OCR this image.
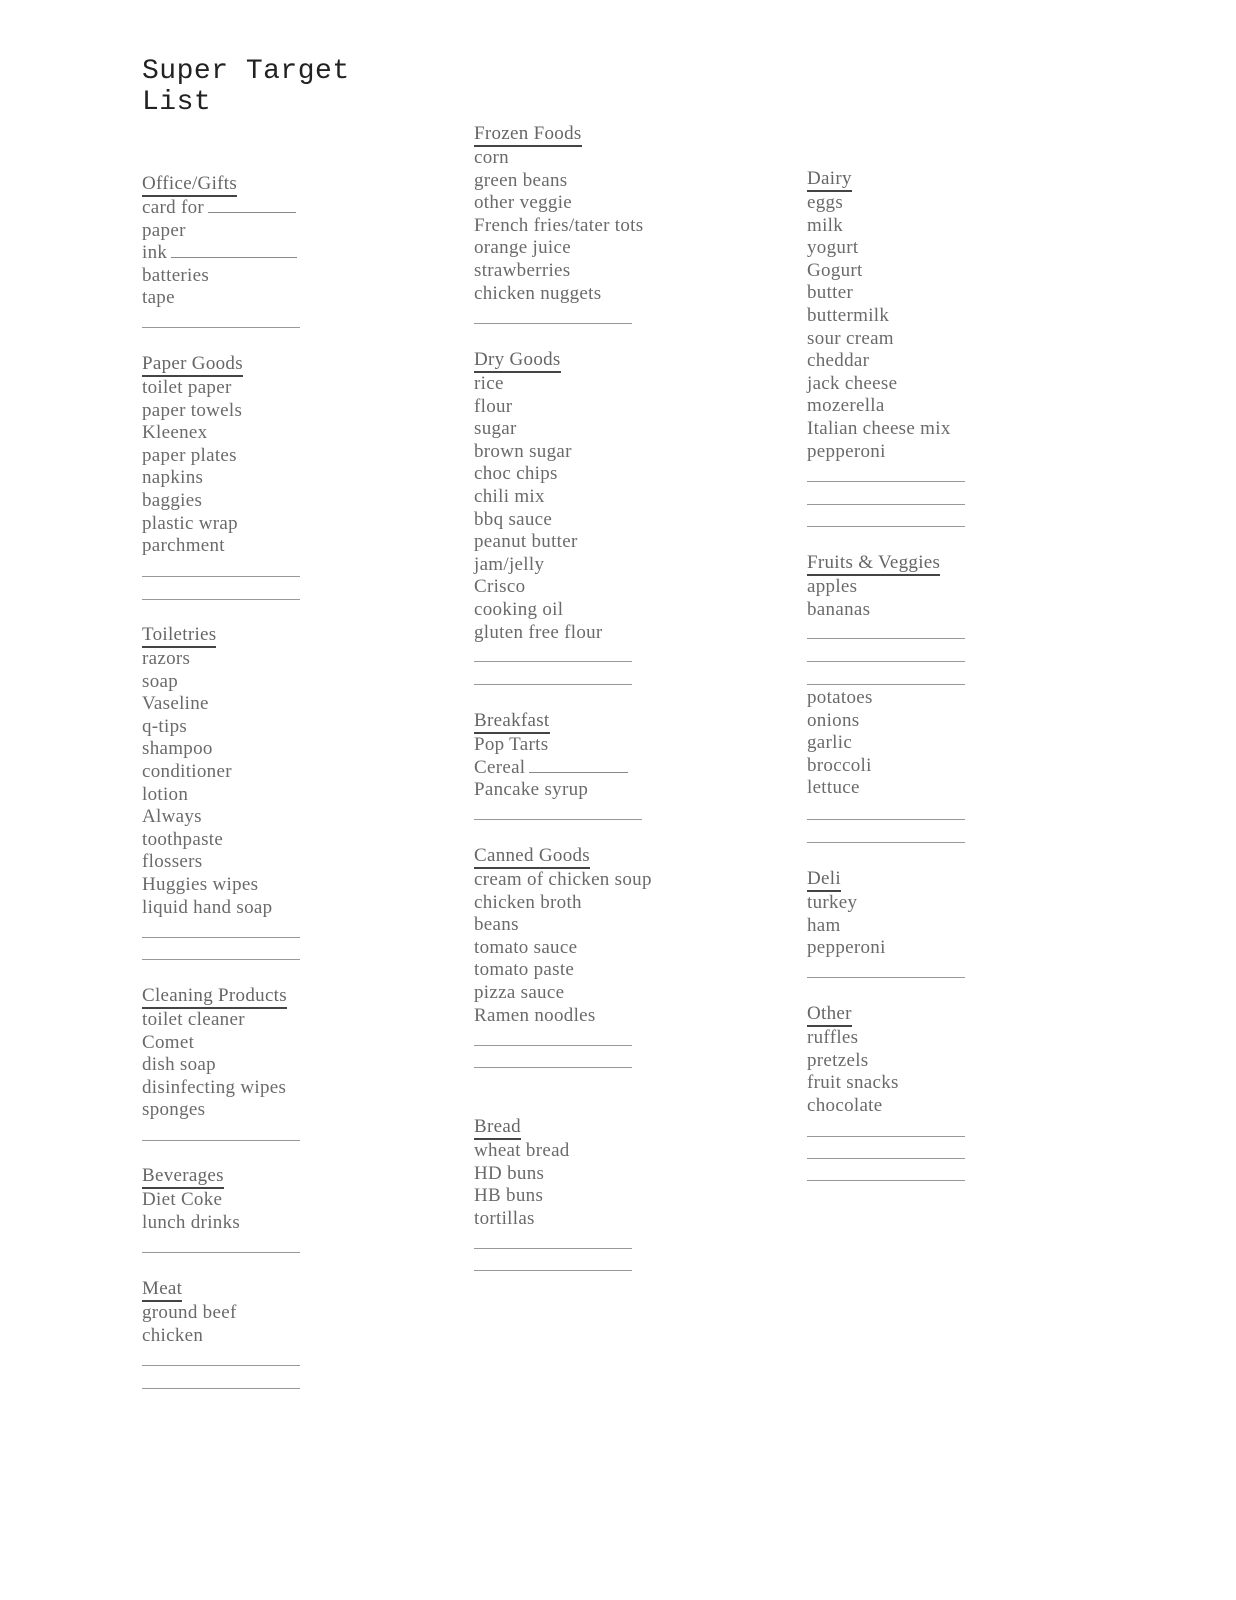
Super Target
List
Office/Gifts
card for
paper
ink
batteries
tape
Paper Goods
toilet paper
paper towels
Kleenex
paper plates
napkins
baggies
plastic wrap
parchment
Toiletries
razors
soap
Vaseline
q-tips
shampoo
conditioner
lotion
Always
toothpaste
flossers
Huggies wipes
liquid hand soap
Cleaning Products
toilet cleaner
Comet
dish soap
disinfecting wipes
sponges
Beverages
Diet Coke
lunch drinks
Meat
ground beef
chicken
Frozen Foods
corn
green beans
other veggie
French fries/tater tots
orange juice
strawberries
chicken nuggets
Dry Goods
rice
flour
sugar
brown sugar
choc chips
chili mix
bbq sauce
peanut butter
jam/jelly
Crisco
cooking oil
gluten free flour
Breakfast
Pop Tarts
Cereal
Pancake syrup
Canned Goods
cream of chicken soup
chicken broth
beans
tomato sauce
tomato paste
pizza sauce
Ramen noodles
Bread
wheat bread
HD buns
HB buns
tortillas
Dairy
eggs
milk
yogurt
Gogurt
butter
buttermilk
sour cream
cheddar
jack cheese
mozerella
Italian cheese mix
pepperoni
Fruits & Veggies
apples
bananas
potatoes
onions
garlic
broccoli
lettuce
Deli
turkey
ham
pepperoni
Other
ruffles
pretzels
fruit snacks
chocolate
